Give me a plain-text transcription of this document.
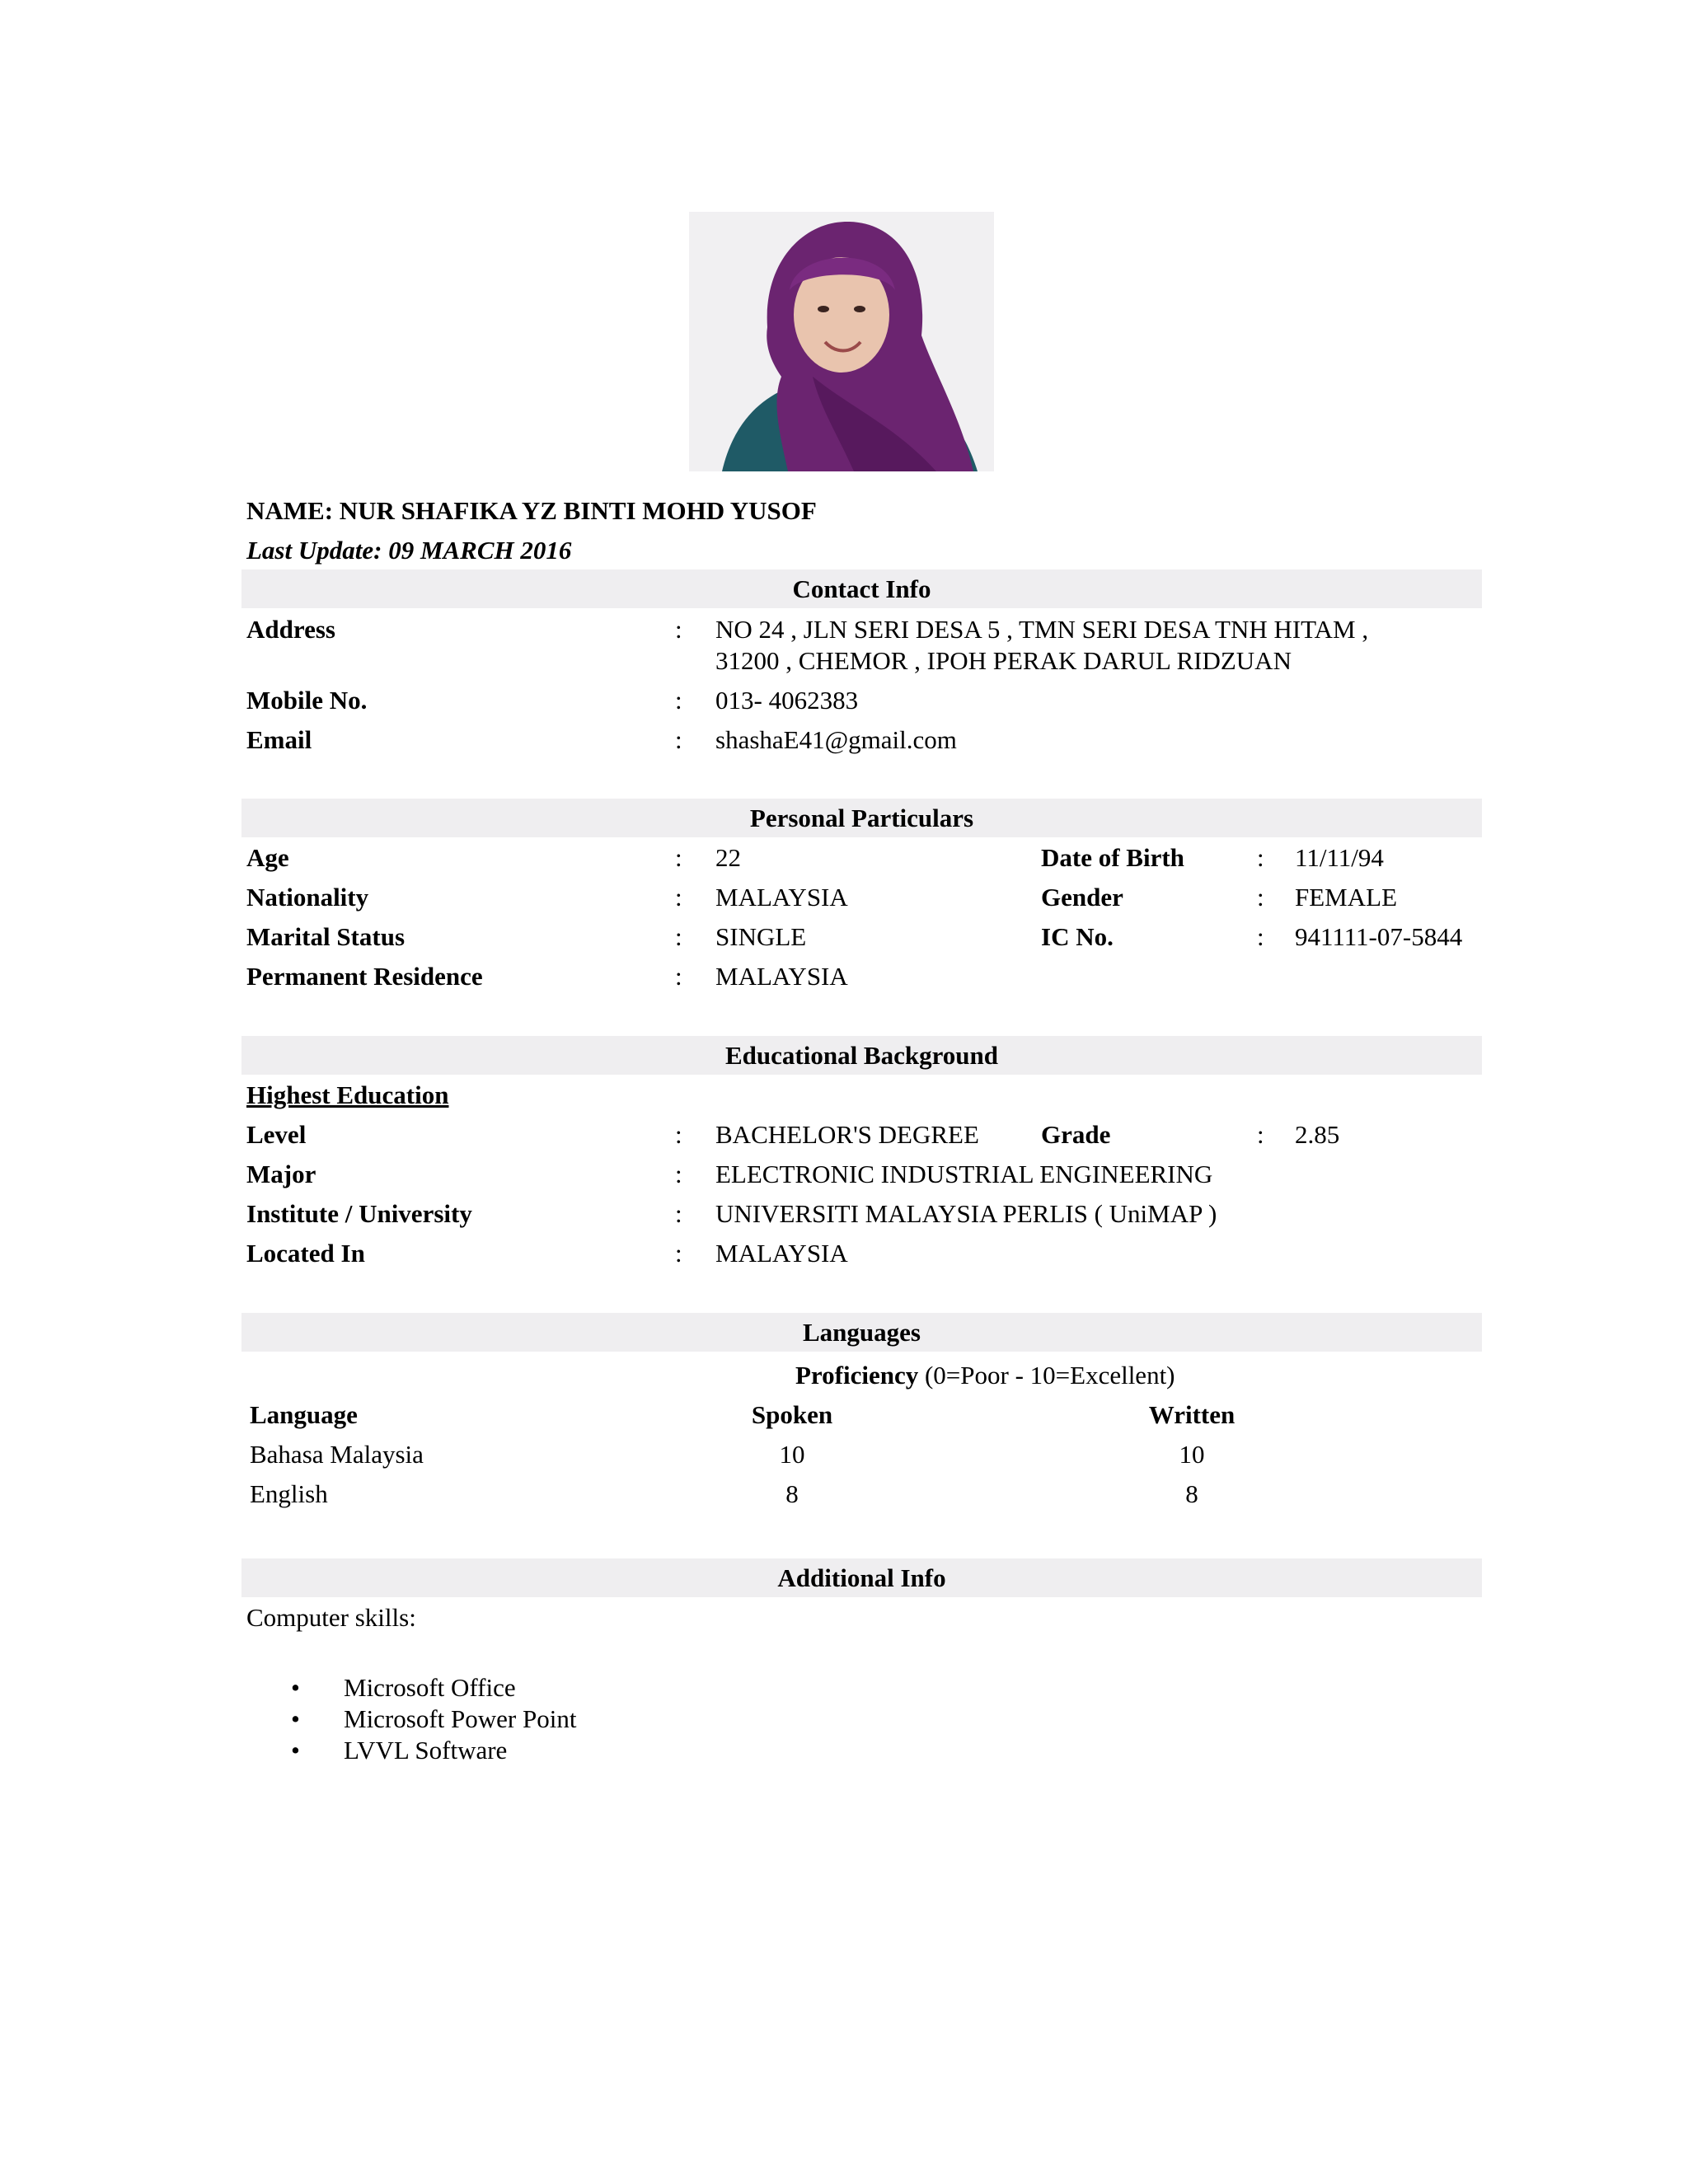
NAME: NUR SHAFIKA YZ BINTI MOHD YUSOF
Last Update: 09 MARCH 2016
Contact Info
Address	: NO 24 , JLN SERI DESA 5 , TMN SERI DESA TNH HITAM ,
31200 , CHEMOR , IPOH PERAK DARUL RIDZUAN
Mobile No.	: 013- 4062383
Email	: shashaE41@gmail.com
Personal Particulars
Age	: 22	Date of Birth	: 11/11/94
Nationality	: MALAYSIA	Gender	: FEMALE
Marital Status	: SINGLE	IC No.	: 941111-07-5844
Permanent Residence	: MALAYSIA
Educational Background
Highest Education
Level	: BACHELOR'S DEGREE Grade	: 2.85
Major	: ELECTRONIC INDUSTRIAL ENGINEERING
Institute / University	: UNIVERSITI MALAYSIA PERLIS ( UniMAP )
Located In	: MALAYSIA
Languages
Proficiency (0=Poor - 10=Excellent)
Language	Spoken	Written
Bahasa Malaysia	10	10
English	8	8
Additional Info
Computer skills:
• Microsoft Office
• Microsoft Power Point
• LVVL Software
